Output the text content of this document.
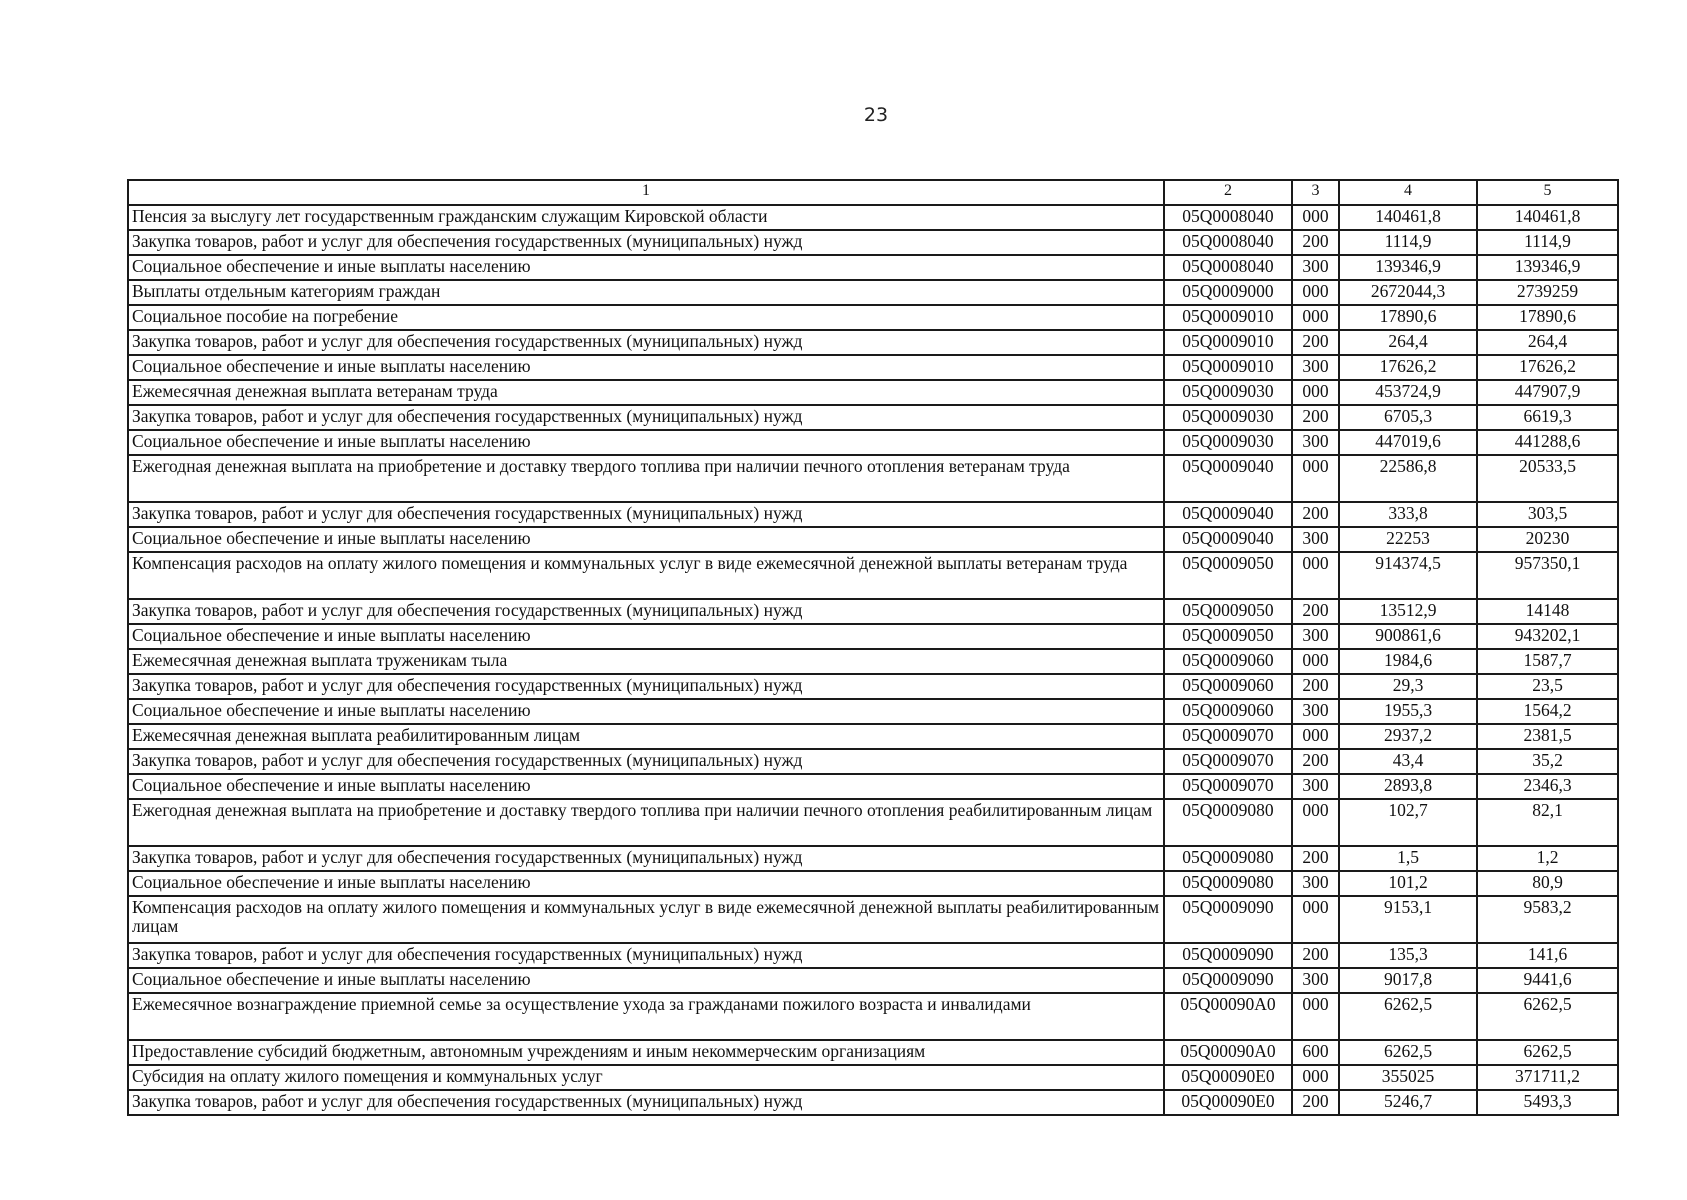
23
1	2	3	4	5
Пенсия за выслугу лет государственным гражданским служащим Кировской области	05Q0008040	000	140461,8	140461,8
Закупка товаров, работ и услуг для обеспечения государственных (муниципальных) нужд	05Q0008040	200	1114,9	1114,9
Социальное обеспечение и иные выплаты населению	05Q0008040	300	139346,9	139346,9
Выплаты отдельным категориям граждан	05Q0009000	000	2672044,3	2739259
Социальное пособие на погребение	05Q0009010	000	17890,6	17890,6
Закупка товаров, работ и услуг для обеспечения государственных (муниципальных) нужд	05Q0009010	200	264,4	264,4
Социальное обеспечение и иные выплаты населению	05Q0009010	300	17626,2	17626,2
Ежемесячная денежная выплата ветеранам труда	05Q0009030	000	453724,9	447907,9
Закупка товаров, работ и услуг для обеспечения государственных (муниципальных) нужд	05Q0009030	200	6705,3	6619,3
Социальное обеспечение и иные выплаты населению	05Q0009030	300	447019,6	441288,6
Ежегодная денежная выплата на приобретение и доставку твердого топлива при наличии печного отопления ветеранам труда	05Q0009040	000	22586,8	20533,5
Закупка товаров, работ и услуг для обеспечения государственных (муниципальных) нужд	05Q0009040	200	333,8	303,5
Социальное обеспечение и иные выплаты населению	05Q0009040	300	22253	20230
Компенсация расходов на оплату жилого помещения и коммунальных услуг в виде ежемесячной денежной выплаты ветеранам труда	05Q0009050	000	914374,5	957350,1
Закупка товаров, работ и услуг для обеспечения государственных (муниципальных) нужд	05Q0009050	200	13512,9	14148
Социальное обеспечение и иные выплаты населению	05Q0009050	300	900861,6	943202,1
Ежемесячная денежная выплата труженикам тыла	05Q0009060	000	1984,6	1587,7
Закупка товаров, работ и услуг для обеспечения государственных (муниципальных) нужд	05Q0009060	200	29,3	23,5
Социальное обеспечение и иные выплаты населению	05Q0009060	300	1955,3	1564,2
Ежемесячная денежная выплата реабилитированным лицам	05Q0009070	000	2937,2	2381,5
Закупка товаров, работ и услуг для обеспечения государственных (муниципальных) нужд	05Q0009070	200	43,4	35,2
Социальное обеспечение и иные выплаты населению	05Q0009070	300	2893,8	2346,3
Ежегодная денежная выплата на приобретение и доставку твердого топлива при наличии печного отопления реабилитированным лицам	05Q0009080	000	102,7	82,1
Закупка товаров, работ и услуг для обеспечения государственных (муниципальных) нужд	05Q0009080	200	1,5	1,2
Социальное обеспечение и иные выплаты населению	05Q0009080	300	101,2	80,9
Компенсация расходов на оплату жилого помещения и коммунальных услуг в виде ежемесячной денежной выплаты реабилитированным лицам	05Q0009090	000	9153,1	9583,2
Закупка товаров, работ и услуг для обеспечения государственных (муниципальных) нужд	05Q0009090	200	135,3	141,6
Социальное обеспечение и иные выплаты населению	05Q0009090	300	9017,8	9441,6
Ежемесячное вознаграждение приемной семье за осуществление ухода за гражданами пожилого возраста и инвалидами	05Q00090A0	000	6262,5	6262,5
Предоставление субсидий бюджетным, автономным учреждениям и иным некоммерческим организациям	05Q00090A0	600	6262,5	6262,5
Субсидия на оплату жилого помещения и коммунальных услуг	05Q00090E0	000	355025	371711,2
Закупка товаров, работ и услуг для обеспечения государственных (муниципальных) нужд	05Q00090E0	200	5246,7	5493,3
